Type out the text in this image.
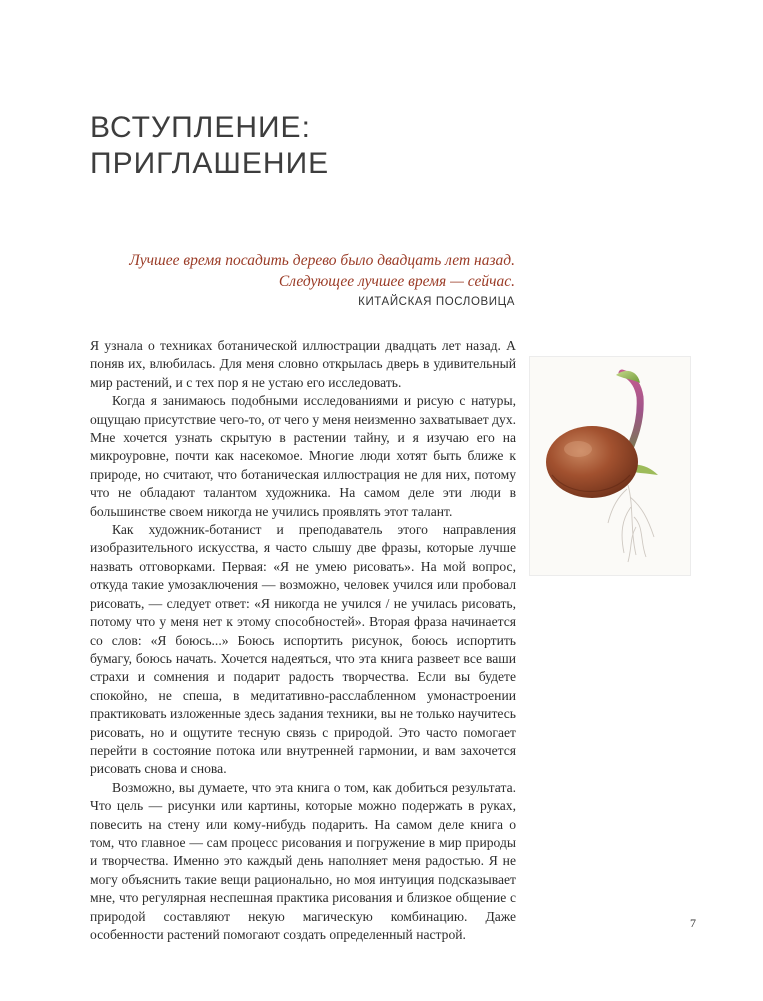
ВСТУПЛЕНИЕ:
ПРИГЛАШЕНИЕ
Лучшее время посадить дерево было двадцать лет назад.
Следующее лучшее время — сейчас.
КИТАЙСКАЯ ПОСЛОВИЦА

Я узнала о техниках ботанической иллюстрации двадцать лет назад. А поняв их, влюбилась. Для меня словно открылась дверь в удивительный мир растений, и с тех пор я не устаю его исследовать.

Когда я занимаюсь подобными исследованиями и рисую с натуры, ощущаю присутствие чего-то, от чего у меня неизменно захватывает дух. Мне хочется узнать скрытую в растении тайну, и я изучаю его на микроуровне, почти как насекомое. Многие люди хотят быть ближе к природе, но считают, что ботаническая иллюстрация не для них, потому что не обладают талантом художника. На самом деле эти люди в большинстве своем никогда не учились проявлять этот талант.

Как художник-ботанист и преподаватель этого направления изобразительного искусства, я часто слышу две фразы, которые лучше назвать отговорками. Первая: «Я не умею рисовать». На мой вопрос, откуда такие умозаключения — возможно, человек учился или пробовал рисовать, — следует ответ: «Я никогда не учился / не училась рисовать, потому что у меня нет к этому способностей». Вторая фраза начинается со слов: «Я боюсь...» Боюсь испортить рисунок, боюсь испортить бумагу, боюсь начать. Хочется надеяться, что эта книга развеет все ваши страхи и сомнения и подарит радость творчества. Если вы будете спокойно, не спеша, в медитативно-расслабленном умонастроении практиковать изложенные здесь задания техники, вы не только научитесь рисовать, но и ощутите тесную связь с природой. Это часто помогает перейти в состояние потока или внутренней гармонии, и вам захочется рисовать снова и снова.

Возможно, вы думаете, что эта книга о том, как добиться результата. Что цель — рисунки или картины, которые можно подержать в руках, повесить на стену или кому-нибудь подарить. На самом деле книга о том, что главное — сам процесс рисования и погружение в мир природы и творчества. Именно это каждый день наполняет меня радостью. Я не могу объяснить такие вещи рационально, но моя интуиция подсказывает мне, что регулярная неспешная практика рисования и близкое общение с природой составляют некую магическую комбинацию. Даже особенности растений помогают создать определенный настрой.

7
